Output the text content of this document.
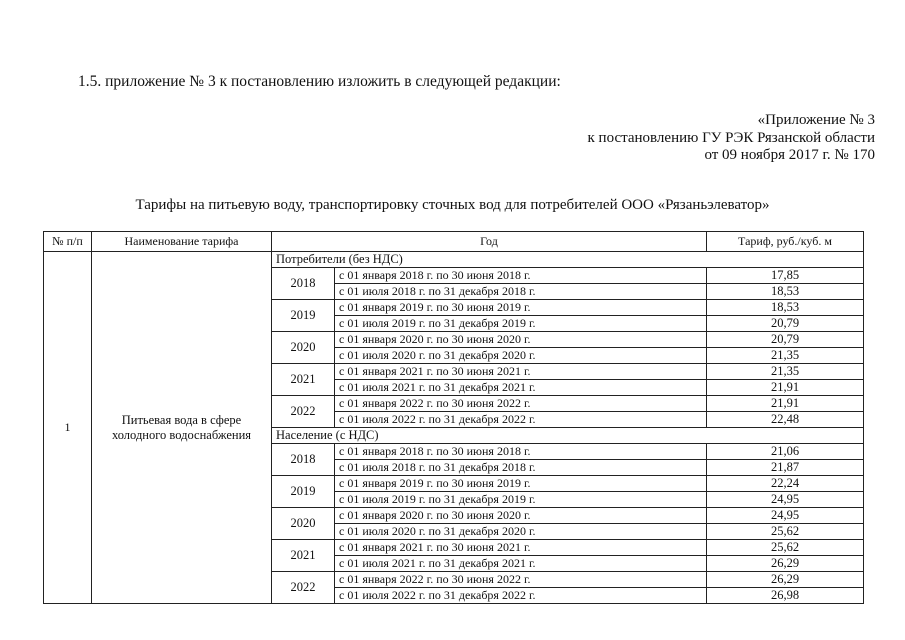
1.5. приложение № 3 к постановлению изложить в следующей редакции:
«Приложение № 3
к постановлению ГУ РЭК Рязанской области
от 09 ноября 2017 г. № 170
Тарифы на питьевую воду, транспортировку сточных вод для потребителей ООО «Рязаньэлеватор»
№ п/п	Наименование тарифа	Год		Тариф, руб./куб. м
1	Питьевая вода в сфере холодного водоснабжения	Потребители (без НДС)		
		2018	с 01 января 2018 г. по 30 июня 2018 г.	17,85
			с 01 июля 2018 г. по 31 декабря 2018 г.	18,53
		2019	с 01 января 2019 г. по 30 июня 2019 г.	18,53
			с 01 июля 2019 г. по 31 декабря 2019 г.	20,79
		2020	с 01 января 2020 г. по 30 июня 2020 г.	20,79
			с 01 июля 2020 г. по 31 декабря 2020 г.	21,35
		2021	с 01 января 2021 г. по 30 июня 2021 г.	21,35
			с 01 июля 2021 г. по 31 декабря 2021 г.	21,91
		2022	с 01 января 2022 г. по 30 июня 2022 г.	21,91
			с 01 июля 2022 г. по 31 декабря 2022 г.	22,48
		Население (с НДС)		
		2018	с 01 января 2018 г. по 30 июня 2018 г.	21,06
			с 01 июля 2018 г. по 31 декабря 2018 г.	21,87
		2019	с 01 января 2019 г. по 30 июня 2019 г.	22,24
			с 01 июля 2019 г. по 31 декабря 2019 г.	24,95
		2020	с 01 января 2020 г. по 30 июня 2020 г.	24,95
			с 01 июля 2020 г. по 31 декабря 2020 г.	25,62
		2021	с 01 января 2021 г. по 30 июня 2021 г.	25,62
			с 01 июля 2021 г. по 31 декабря 2021 г.	26,29
		2022	с 01 января 2022 г. по 30 июня 2022 г.	26,29
			с 01 июля 2022 г. по 31 декабря 2022 г.	26,98
